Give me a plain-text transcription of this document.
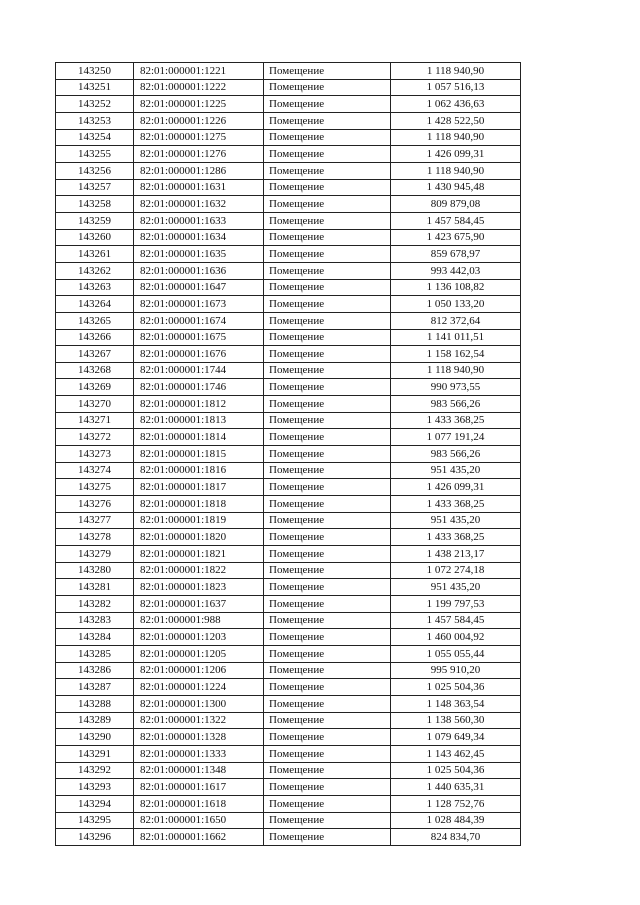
143250	82:01:000001:1221	Помещение	1 118 940,90
143251	82:01:000001:1222	Помещение	1 057 516,13
143252	82:01:000001:1225	Помещение	1 062 436,63
143253	82:01:000001:1226	Помещение	1 428 522,50
143254	82:01:000001:1275	Помещение	1 118 940,90
143255	82:01:000001:1276	Помещение	1 426 099,31
143256	82:01:000001:1286	Помещение	1 118 940,90
143257	82:01:000001:1631	Помещение	1 430 945,48
143258	82:01:000001:1632	Помещение	809 879,08
143259	82:01:000001:1633	Помещение	1 457 584,45
143260	82:01:000001:1634	Помещение	1 423 675,90
143261	82:01:000001:1635	Помещение	859 678,97
143262	82:01:000001:1636	Помещение	993 442,03
143263	82:01:000001:1647	Помещение	1 136 108,82
143264	82:01:000001:1673	Помещение	1 050 133,20
143265	82:01:000001:1674	Помещение	812 372,64
143266	82:01:000001:1675	Помещение	1 141 011,51
143267	82:01:000001:1676	Помещение	1 158 162,54
143268	82:01:000001:1744	Помещение	1 118 940,90
143269	82:01:000001:1746	Помещение	990 973,55
143270	82:01:000001:1812	Помещение	983 566,26
143271	82:01:000001:1813	Помещение	1 433 368,25
143272	82:01:000001:1814	Помещение	1 077 191,24
143273	82:01:000001:1815	Помещение	983 566,26
143274	82:01:000001:1816	Помещение	951 435,20
143275	82:01:000001:1817	Помещение	1 426 099,31
143276	82:01:000001:1818	Помещение	1 433 368,25
143277	82:01:000001:1819	Помещение	951 435,20
143278	82:01:000001:1820	Помещение	1 433 368,25
143279	82:01:000001:1821	Помещение	1 438 213,17
143280	82:01:000001:1822	Помещение	1 072 274,18
143281	82:01:000001:1823	Помещение	951 435,20
143282	82:01:000001:1637	Помещение	1 199 797,53
143283	82:01:000001:988	Помещение	1 457 584,45
143284	82:01:000001:1203	Помещение	1 460 004,92
143285	82:01:000001:1205	Помещение	1 055 055,44
143286	82:01:000001:1206	Помещение	995 910,20
143287	82:01:000001:1224	Помещение	1 025 504,36
143288	82:01:000001:1300	Помещение	1 148 363,54
143289	82:01:000001:1322	Помещение	1 138 560,30
143290	82:01:000001:1328	Помещение	1 079 649,34
143291	82:01:000001:1333	Помещение	1 143 462,45
143292	82:01:000001:1348	Помещение	1 025 504,36
143293	82:01:000001:1617	Помещение	1 440 635,31
143294	82:01:000001:1618	Помещение	1 128 752,76
143295	82:01:000001:1650	Помещение	1 028 484,39
143296	82:01:000001:1662	Помещение	824 834,70
